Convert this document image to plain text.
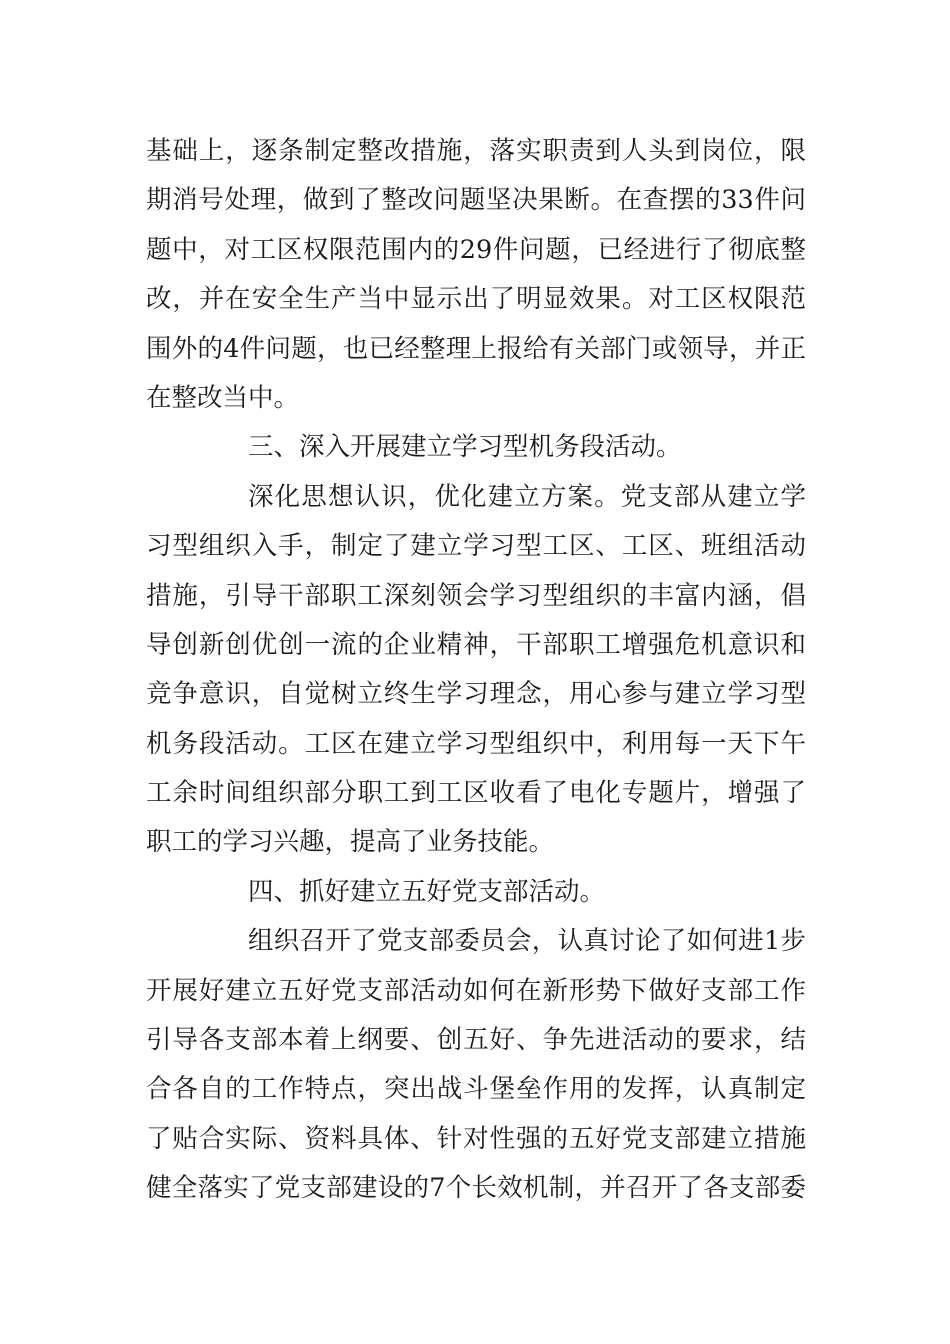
基础上，逐条制定整改措施，落实职责到人头到岗位，限
期消号处理，做到了整改问题坚决果断。在查摆的33件问
题中，对工区权限范围内的29件问题，已经进行了彻底整
改，并在安全生产当中显示出了明显效果。对工区权限范
围外的4件问题，也已经整理上报给有关部门或领导，并正
在整改当中。
三、深入开展建立学习型机务段活动。
深化思想认识，优化建立方案。党支部从建立学
习型组织入手，制定了建立学习型工区、工区、班组活动
措施，引导干部职工深刻领会学习型组织的丰富内涵，倡
导创新创优创一流的企业精神，干部职工增强危机意识和
竞争意识，自觉树立终生学习理念，用心参与建立学习型
机务段活动。工区在建立学习型组织中，利用每一天下午
工余时间组织部分职工到工区收看了电化专题片，增强了
职工的学习兴趣，提高了业务技能。
四、抓好建立五好党支部活动。
组织召开了党支部委员会，认真讨论了如何进1步
开展好建立五好党支部活动如何在新形势下做好支部工作
引导各支部本着上纲要、创五好、争先进活动的要求，结
合各自的工作特点，突出战斗堡垒作用的发挥，认真制定
了贴合实际、资料具体、针对性强的五好党支部建立措施
健全落实了党支部建设的7个长效机制，并召开了各支部委
